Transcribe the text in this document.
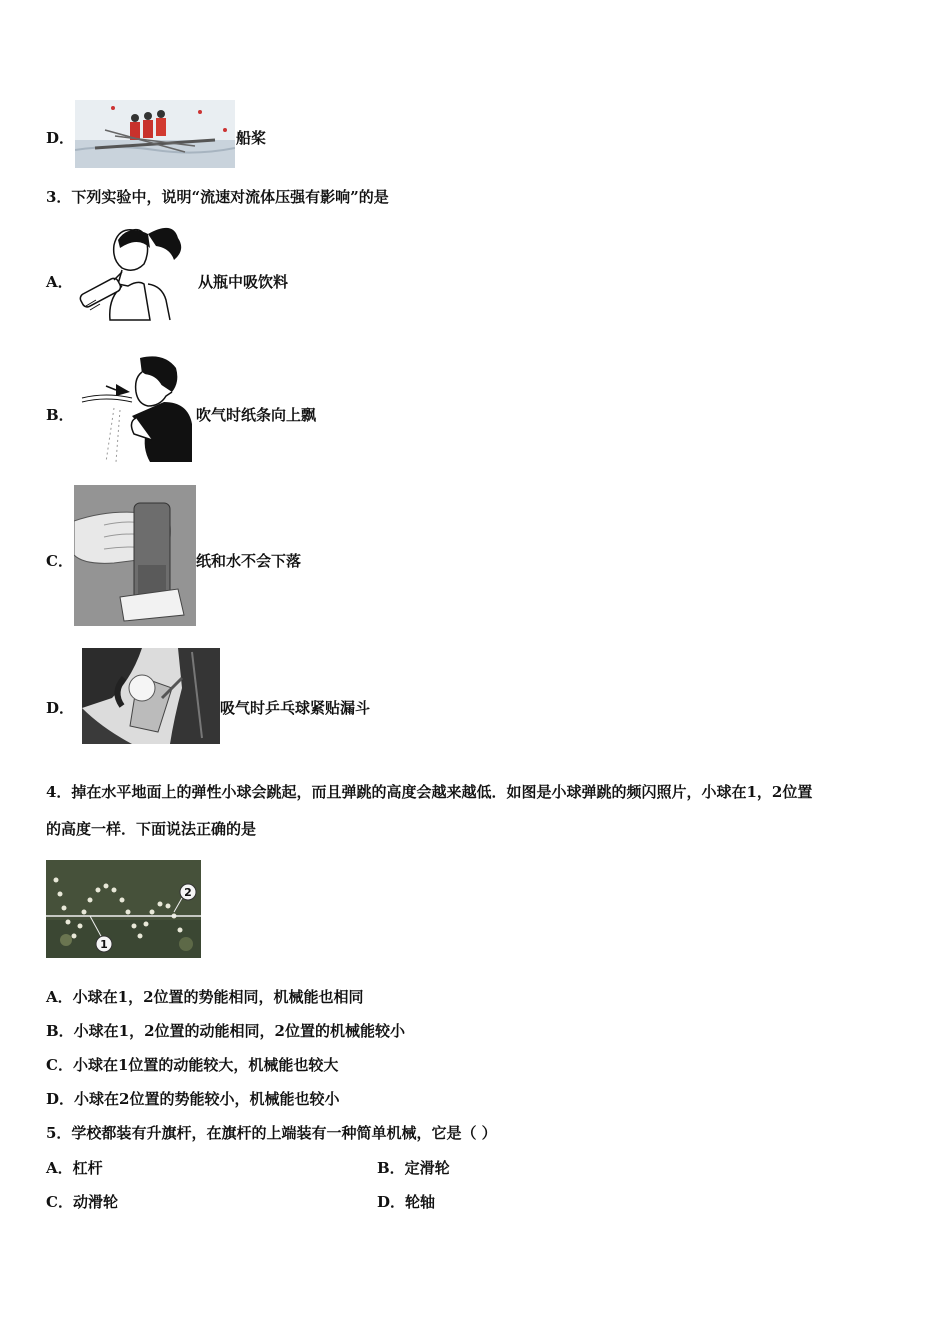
D．	船桨
3．下列实验中，说明“流速对流体压强有影响”的是
A．	从瓶中吸饮料
B．	吹气时纸条向上飘
C．	纸和水不会下落
D．	吸气时乒乓球紧贴漏斗
4．掉在水平地面上的弹性小球会跳起，而且弹跳的高度会越来越低．如图是小球弹跳的频闪照片，小球在1，2位置
的高度一样．下面说法正确的是
1
2
A．小球在1，2位置的势能相同，机械能也相同
B．小球在1，2位置的动能相同，2位置的机械能较小
C．小球在1位置的动能较大，机械能也较大
D．小球在2位置的势能较小，机械能也较小
5．学校都装有升旗杆，在旗杆的上端装有一种简单机械，它是（ ）
A．杠杆	B．定滑轮
C．动滑轮	D．轮轴
